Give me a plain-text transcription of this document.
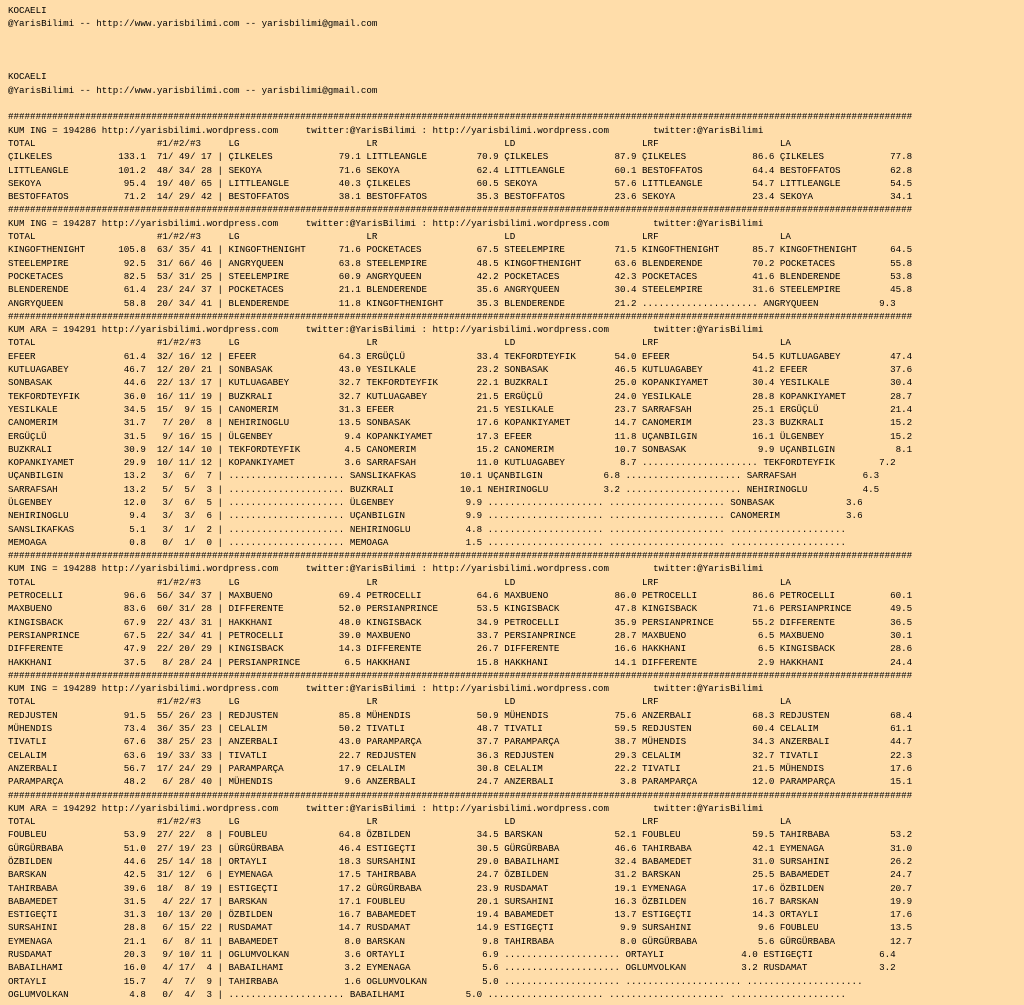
KOCAELI
@YarisBilimi -- http://www.yarisbilimi.com -- yarisbilimi@gmail.com
KOCAELI
@YarisBilimi -- http://www.yarisbilimi.com -- yarisbilimi@gmail.com
####################################################################################################################################################################
KUM ING = 194286 http://yarisbilimi.wordpress.com     twitter:@YarisBilimi : http://yarisbilimi.wordpress.com        twitter:@YarisBilimi
TOTAL                      #1/#2/#3     LG                       LR                       LD                       LRF                      LA
ÇILKELES            133.1  71/ 49/ 17 | ÇILKELES            79.1 LITTLEANGLE         70.9 ÇILKELES            87.9 ÇILKELES            86.6 ÇILKELES            77.8
LITTLEANGLE         101.2  48/ 34/ 28 | SEKOYA              71.6 SEKOYA              62.4 LITTLEANGLE         60.1 BESTOFFATOS         64.4 BESTOFFATOS         62.8
SEKOYA               95.4  19/ 40/ 65 | LITTLEANGLE         40.3 ÇILKELES            60.5 SEKOYA              57.6 LITTLEANGLE         54.7 LITTLEANGLE         54.5
BESTOFFATOS          71.2  14/ 29/ 42 | BESTOFFATOS         38.1 BESTOFFATOS         35.3 BESTOFFATOS         23.6 SEKOYA              23.4 SEKOYA              34.1
####################################################################################################################################################################
KUM ING = 194287 http://yarisbilimi.wordpress.com     twitter:@YarisBilimi : http://yarisbilimi.wordpress.com        twitter:@YarisBilimi
TOTAL                      #1/#2/#3     LG                       LR                       LD                       LRF                      LA
KINGOFTHENIGHT      105.8  63/ 35/ 41 | KINGOFTHENIGHT      71.6 POCKETACES          67.5 STEELEMPIRE         71.5 KINGOFTHENIGHT      85.7 KINGOFTHENIGHT      64.5
STEELEMPIRE          92.5  31/ 66/ 46 | ANGRYQUEEN          63.8 STEELEMPIRE         48.5 KINGOFTHENIGHT      63.6 BLENDERENDE         70.2 POCKETACES          55.8
POCKETACES           82.5  53/ 31/ 25 | STEELEMPIRE         60.9 ANGRYQUEEN          42.2 POCKETACES          42.3 POCKETACES          41.6 BLENDERENDE         53.8
BLENDERENDE          61.4  23/ 24/ 37 | POCKETACES          21.1 BLENDERENDE         35.6 ANGRYQUEEN          30.4 STEELEMPIRE         31.6 STEELEMPIRE         45.8
ANGRYQUEEN           58.8  20/ 34/ 41 | BLENDERENDE         11.8 KINGOFTHENIGHT      35.3 BLENDERENDE         21.2 ..................... ANGRYQUEEN           9.3
####################################################################################################################################################################
KUM ARA = 194291 http://yarisbilimi.wordpress.com     twitter:@YarisBilimi : http://yarisbilimi.wordpress.com        twitter:@YarisBilimi
TOTAL                      #1/#2/#3     LG                       LR                       LD                       LRF                      LA
EFEER                61.4  32/ 16/ 12 | EFEER               64.3 ERGÜÇLÜ             33.4 TEKFORDTEYFIK       54.0 EFEER               54.5 KUTLUAGABEY         47.4
KUTLUAGABEY          46.7  12/ 20/ 21 | SONBASAK            43.0 YESILKALE           23.2 SONBASAK            46.5 KUTLUAGABEY         41.2 EFEER               37.6
SONBASAK             44.6  22/ 13/ 17 | KUTLUAGABEY         32.7 TEKFORDTEYFIK       22.1 BUZKRALI            25.0 KOPANKIYAMET        30.4 YESILKALE           30.4
TEKFORDTEYFIK        36.0  16/ 11/ 19 | BUZKRALI            32.7 KUTLUAGABEY         21.5 ERGÜÇLÜ             24.0 YESILKALE           28.8 KOPANKIYAMET        28.7
YESILKALE            34.5  15/  9/ 15 | CANOMERIM           31.3 EFEER               21.5 YESILKALE           23.7 SARRAFSAH           25.1 ERGÜÇLÜ             21.4
CANOMERIM            31.7   7/ 20/  8 | NEHIRINOGLU         13.5 SONBASAK            17.6 KOPANKIYAMET        14.7 CANOMERIM           23.3 BUZKRALI            15.2
ERGÜÇLÜ              31.5   9/ 16/ 15 | ÜLGENBEY             9.4 KOPANKIYAMET        17.3 EFEER               11.8 UÇANBILGIN          16.1 ÜLGENBEY            15.2
BUZKRALI             30.9  12/ 14/ 10 | TEKFORDTEYFIK        4.5 CANOMERIM           15.2 CANOMERIM           10.7 SONBASAK             9.9 UÇANBILGIN           8.1
KOPANKIYAMET         29.9  10/ 11/ 12 | KOPANKIYAMET         3.6 SARRAFSAH           11.0 KUTLUAGABEY          8.7 ..................... TEKFORDTEYFIK        7.2
UÇANBILGIN           13.2   3/  6/  7 | ..................... SANSLIKAFKAS        10.1 UÇANBILGIN           6.8 ..................... SARRAFSAH            6.3
SARRAFSAH            13.2   5/  5/  3 | ..................... BUZKRALI            10.1 NEHIRINOGLU          3.2 ..................... NEHIRINOGLU          4.5
ÜLGENBEY             12.0   3/  6/  5 | ..................... ÜLGENBEY             9.9 ..................... ..................... SONBASAK             3.6
NEHIRINOGLU           9.4   3/  3/  6 | ..................... UÇANBILGIN           9.9 ..................... ..................... CANOMERIM            3.6
SANSLIKAFKAS          5.1   3/  1/  2 | ..................... NEHIRINOGLU          4.8 ..................... ..................... .....................
MEMOAGA               0.8   0/  1/  0 | ..................... MEMOAGA              1.5 ..................... ..................... .....................
####################################################################################################################################################################
KUM ING = 194288 http://yarisbilimi.wordpress.com     twitter:@YarisBilimi : http://yarisbilimi.wordpress.com        twitter:@YarisBilimi
TOTAL                      #1/#2/#3     LG                       LR                       LD                       LRF                      LA
PETROCELLI           96.6  56/ 34/ 37 | MAXBUENO            69.4 PETROCELLI          64.6 MAXBUENO            86.0 PETROCELLI          86.6 PETROCELLI          60.1
MAXBUENO             83.6  60/ 31/ 28 | DIFFERENTE          52.0 PERSIANPRINCE       53.5 KINGISBACK          47.8 KINGISBACK          71.6 PERSIANPRINCE       49.5
KINGISBACK           67.9  22/ 43/ 31 | HAKKHANI            48.0 KINGISBACK          34.9 PETROCELLI          35.9 PERSIANPRINCE       55.2 DIFFERENTE          36.5
PERSIANPRINCE        67.5  22/ 34/ 41 | PETROCELLI          39.0 MAXBUENO            33.7 PERSIANPRINCE       28.7 MAXBUENO             6.5 MAXBUENO            30.1
DIFFERENTE           47.9  22/ 20/ 29 | KINGISBACK          14.3 DIFFERENTE          26.7 DIFFERENTE          16.6 HAKKHANI             6.5 KINGISBACK          28.6
HAKKHANI             37.5   8/ 28/ 24 | PERSIANPRINCE        6.5 HAKKHANI            15.8 HAKKHANI            14.1 DIFFERENTE           2.9 HAKKHANI            24.4
####################################################################################################################################################################
KUM ING = 194289 http://yarisbilimi.wordpress.com     twitter:@YarisBilimi : http://yarisbilimi.wordpress.com        twitter:@YarisBilimi
TOTAL                      #1/#2/#3     LG                       LR                       LD                       LRF                      LA
REDJUSTEN            91.5  55/ 26/ 23 | REDJUSTEN           85.8 MÜHENDIS            50.9 MÜHENDIS            75.6 ANZERBALI           68.3 REDJUSTEN           68.4
MÜHENDIS             73.4  36/ 35/ 23 | CELALIM             50.2 TIVATLI             48.7 TIVATLI             59.5 REDJUSTEN           60.4 CELALIM             61.1
TIVATLI              67.6  38/ 25/ 23 | ANZERBALI           43.0 PARAMPARÇA          37.7 PARAMPARÇA          38.7 MÜHENDIS            34.3 ANZERBALI           44.7
CELALIM              63.6  19/ 33/ 33 | TIVATLI             22.7 REDJUSTEN           36.3 REDJUSTEN           29.3 CELALIM             32.7 TIVATLI             22.3
ANZERBALI            56.7  17/ 24/ 29 | PARAMPARÇA          17.9 CELALIM             30.8 CELALIM             22.2 TIVATLI             21.5 MÜHENDIS            17.6
PARAMPARÇA           48.2   6/ 28/ 40 | MÜHENDIS             9.6 ANZERBALI           24.7 ANZERBALI            3.8 PARAMPARÇA          12.0 PARAMPARÇA          15.1
####################################################################################################################################################################
KUM ARA = 194292 http://yarisbilimi.wordpress.com     twitter:@YarisBilimi : http://yarisbilimi.wordpress.com        twitter:@YarisBilimi
TOTAL                      #1/#2/#3     LG                       LR                       LD                       LRF                      LA
FOUBLEU              53.9  27/ 22/  8 | FOUBLEU             64.8 ÖZBILDEN            34.5 BARSKAN             52.1 FOUBLEU             59.5 TAHIRBABA           53.2
GÜRGÜRBABA           51.0  27/ 19/ 23 | GÜRGÜRBABA          46.4 ESTIGEÇTI           30.5 GÜRGÜRBABA          46.6 TAHIRBABA           42.1 EYMENAGA            31.0
ÖZBILDEN             44.6  25/ 14/ 18 | ORTAYLI             18.3 SURSAHINI           29.0 BABAILHAMI          32.4 BABAMEDET           31.0 SURSAHINI           26.2
BARSKAN              42.5  31/ 12/  6 | EYMENAGA            17.5 TAHIRBABA           24.7 ÖZBILDEN            31.2 BARSKAN             25.5 BABAMEDET           24.7
TAHIRBABA            39.6  18/  8/ 19 | ESTIGEÇTI           17.2 GÜRGÜRBABA          23.9 RUSDAMAT            19.1 EYMENAGA            17.6 ÖZBILDEN            20.7
BABAMEDET            31.5   4/ 22/ 17 | BARSKAN             17.1 FOUBLEU             20.1 SURSAHINI           16.3 ÖZBILDEN            16.7 BARSKAN             19.9
ESTIGEÇTI            31.3  10/ 13/ 20 | ÖZBILDEN            16.7 BABAMEDET           19.4 BABAMEDET           13.7 ESTIGEÇTI           14.3 ORTAYLI             17.6
SURSAHINI            28.8   6/ 15/ 22 | RUSDAMAT            14.7 RUSDAMAT            14.9 ESTIGEÇTI            9.9 SURSAHINI            9.6 FOUBLEU             13.5
EYMENAGA             21.1   6/  8/ 11 | BABAMEDET            8.0 BARSKAN              9.8 TAHIRBABA            8.0 GÜRGÜRBABA           5.6 GÜRGÜRBABA          12.7
RUSDAMAT             20.3   9/ 10/ 11 | OGLUMVOLKAN          3.6 ORTAYLI              6.9 ..................... ORTAYLI              4.0 ESTIGEÇTI            6.4
BABAILHAMI           16.0   4/ 17/  4 | BABAILHAMI           3.2 EYMENAGA             5.6 ..................... OGLUMVOLKAN          3.2 RUSDAMAT             3.2
ORTAYLI              15.7   4/  7/  9 | TAHIRBABA            1.6 OGLUMVOLKAN          5.0 ..................... ..................... .....................
OGLUMVOLKAN           4.8   0/  4/  3 | ..................... BABAILHAMI           5.0 ..................... ..................... .....................
